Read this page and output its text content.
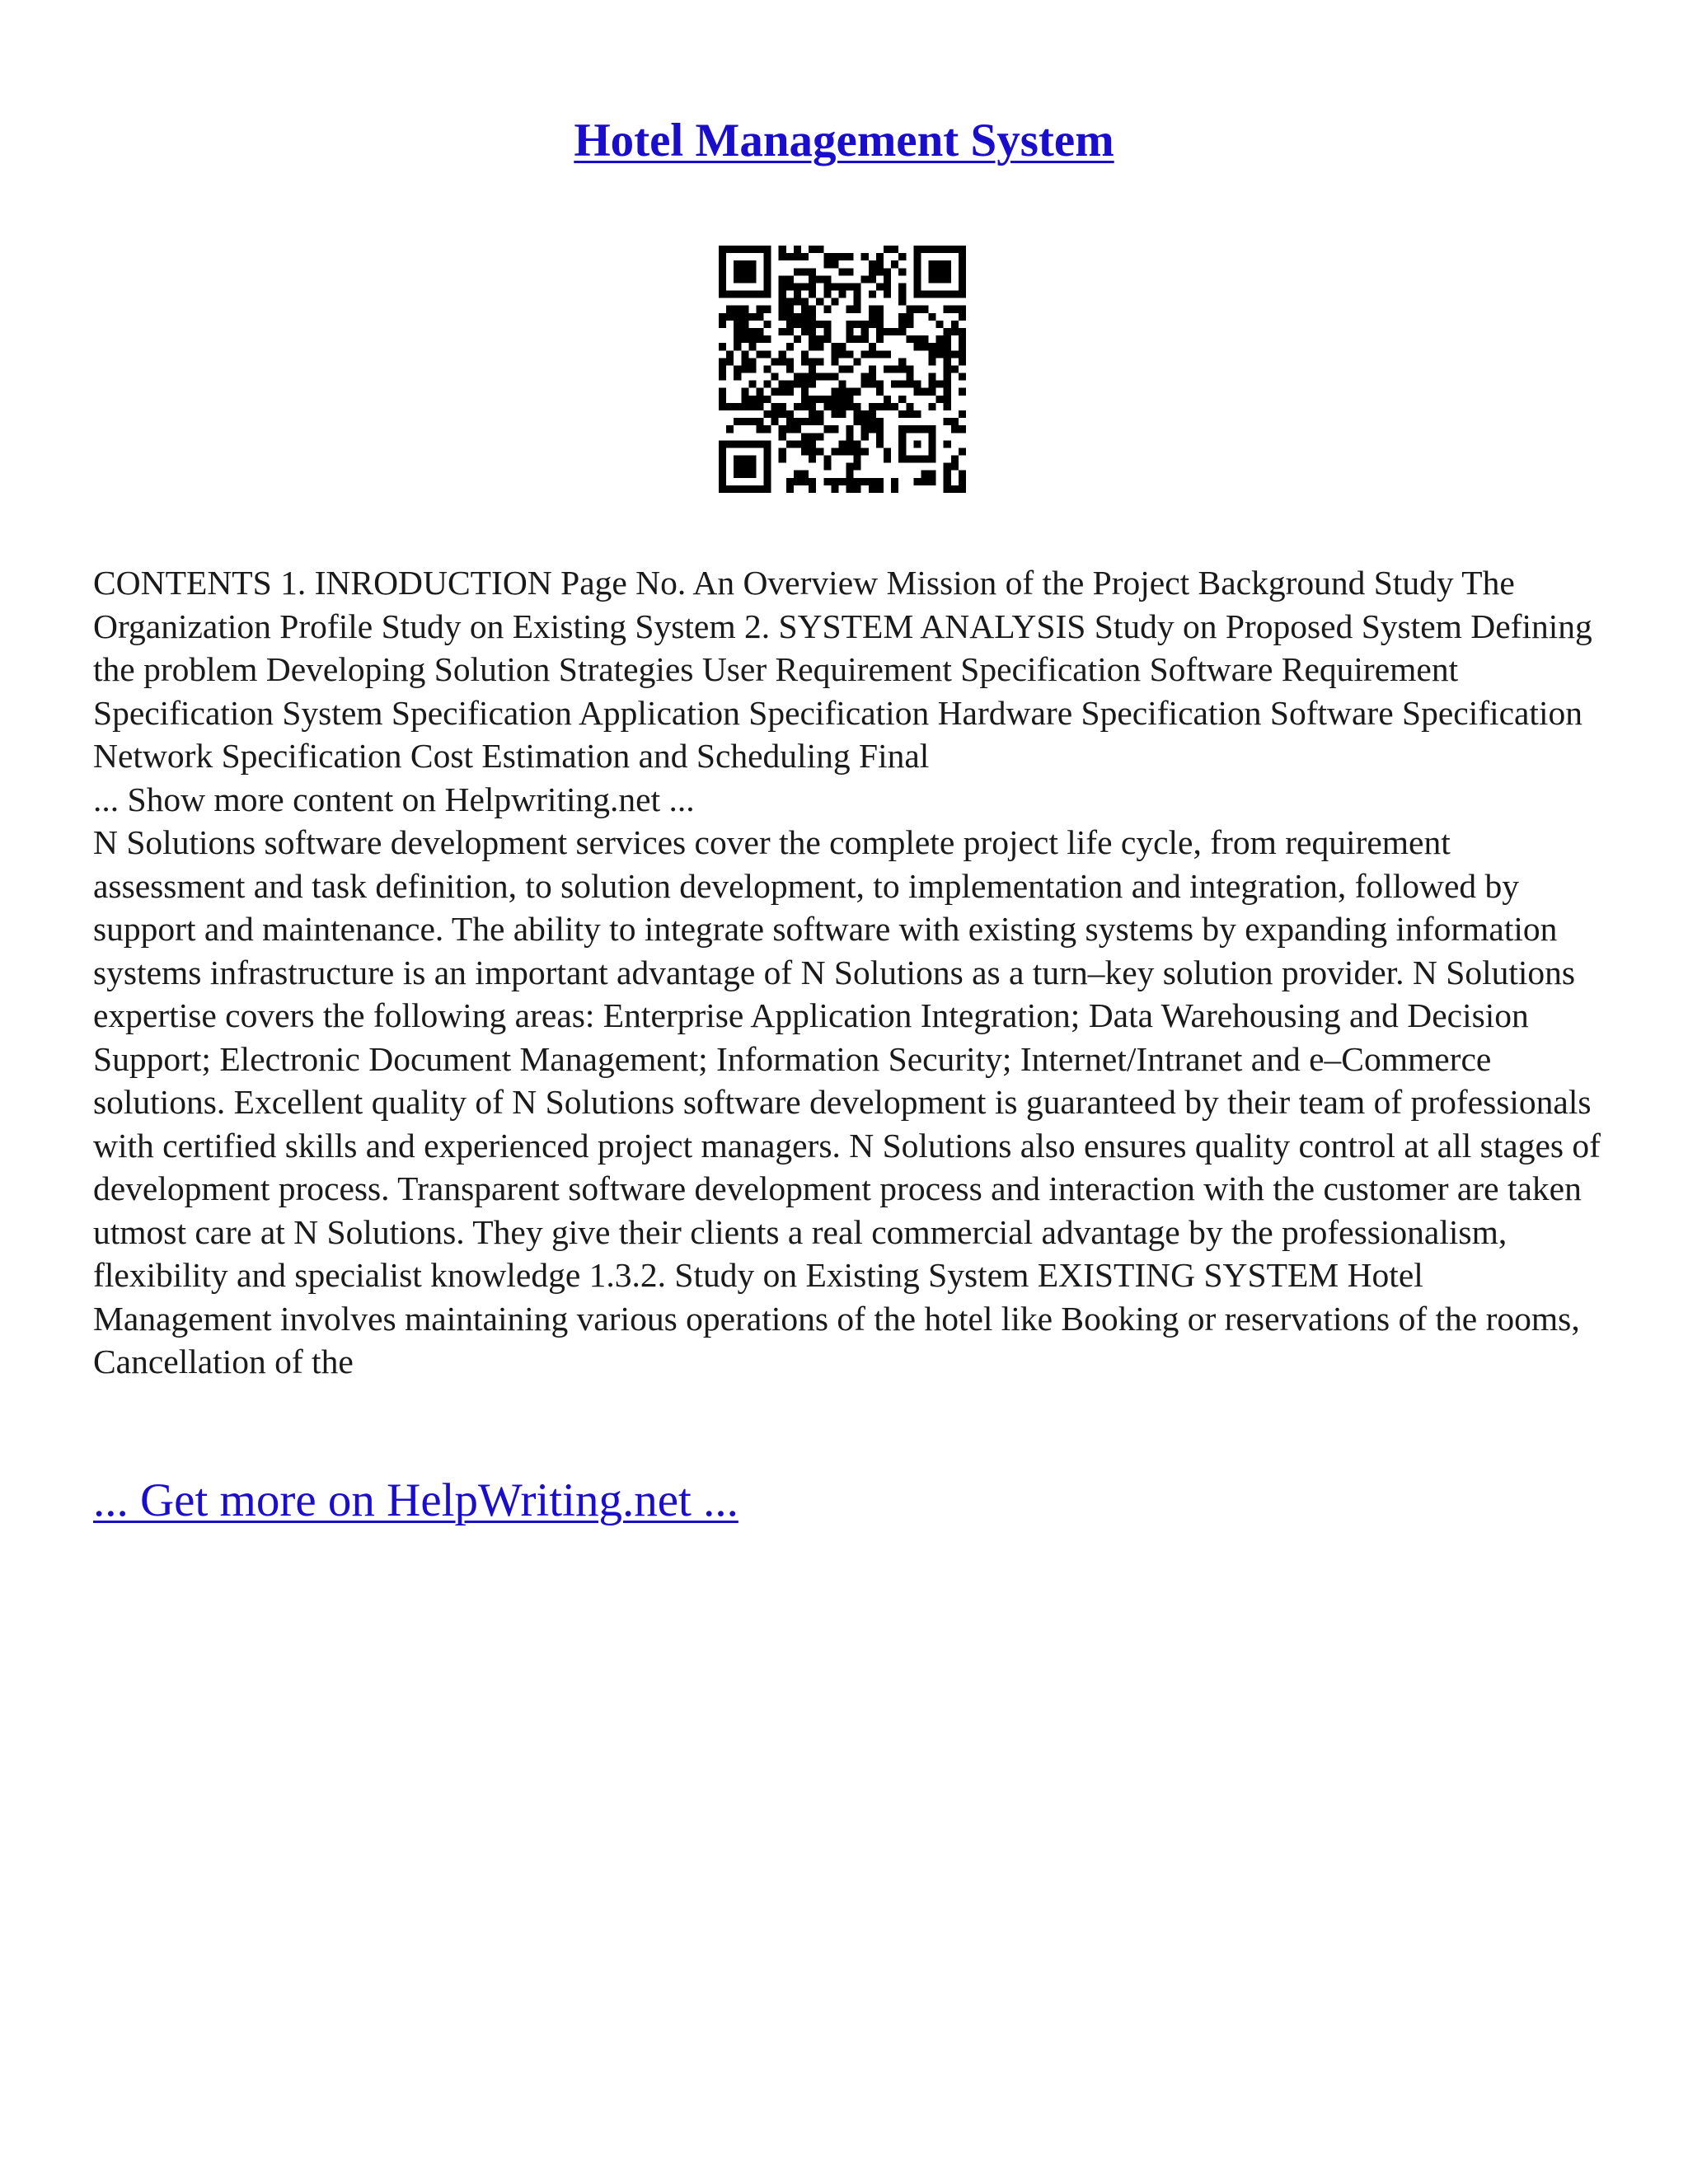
Hotel Management System

CONTENTS 1. INRODUCTION Page No. An Overview Mission of the Project Background Study The Organization Profile Study on Existing System 2. SYSTEM ANALYSIS Study on Proposed System Defining the problem Developing Solution Strategies User Requirement Specification Software Requirement Specification System Specification Application Specification Hardware Specification Software Specification Network Specification Cost Estimation and Scheduling Final

... Show more content on Helpwriting.net ...

N Solutions software development services cover the complete project life cycle, from requirement assessment and task definition, to solution development, to implementation and integration, followed by support and maintenance. The ability to integrate software with existing systems by expanding information systems infrastructure is an important advantage of N Solutions as a turn–key solution provider. N Solutions expertise covers the following areas: Enterprise Application Integration; Data Warehousing and Decision Support; Electronic Document Management; Information Security; Internet/Intranet and e–Commerce solutions. Excellent quality of N Solutions software development is guaranteed by their team of professionals with certified skills and experienced project managers. N Solutions also ensures quality control at all stages of development process. Transparent software development process and interaction with the customer are taken utmost care at N Solutions. They give their clients a real commercial advantage by the professionalism, flexibility and specialist knowledge 1.3.2. Study on Existing System EXISTING SYSTEM Hotel Management involves maintaining various operations of the hotel like Booking or reservations of the rooms, Cancellation of the

... Get more on HelpWriting.net ...
